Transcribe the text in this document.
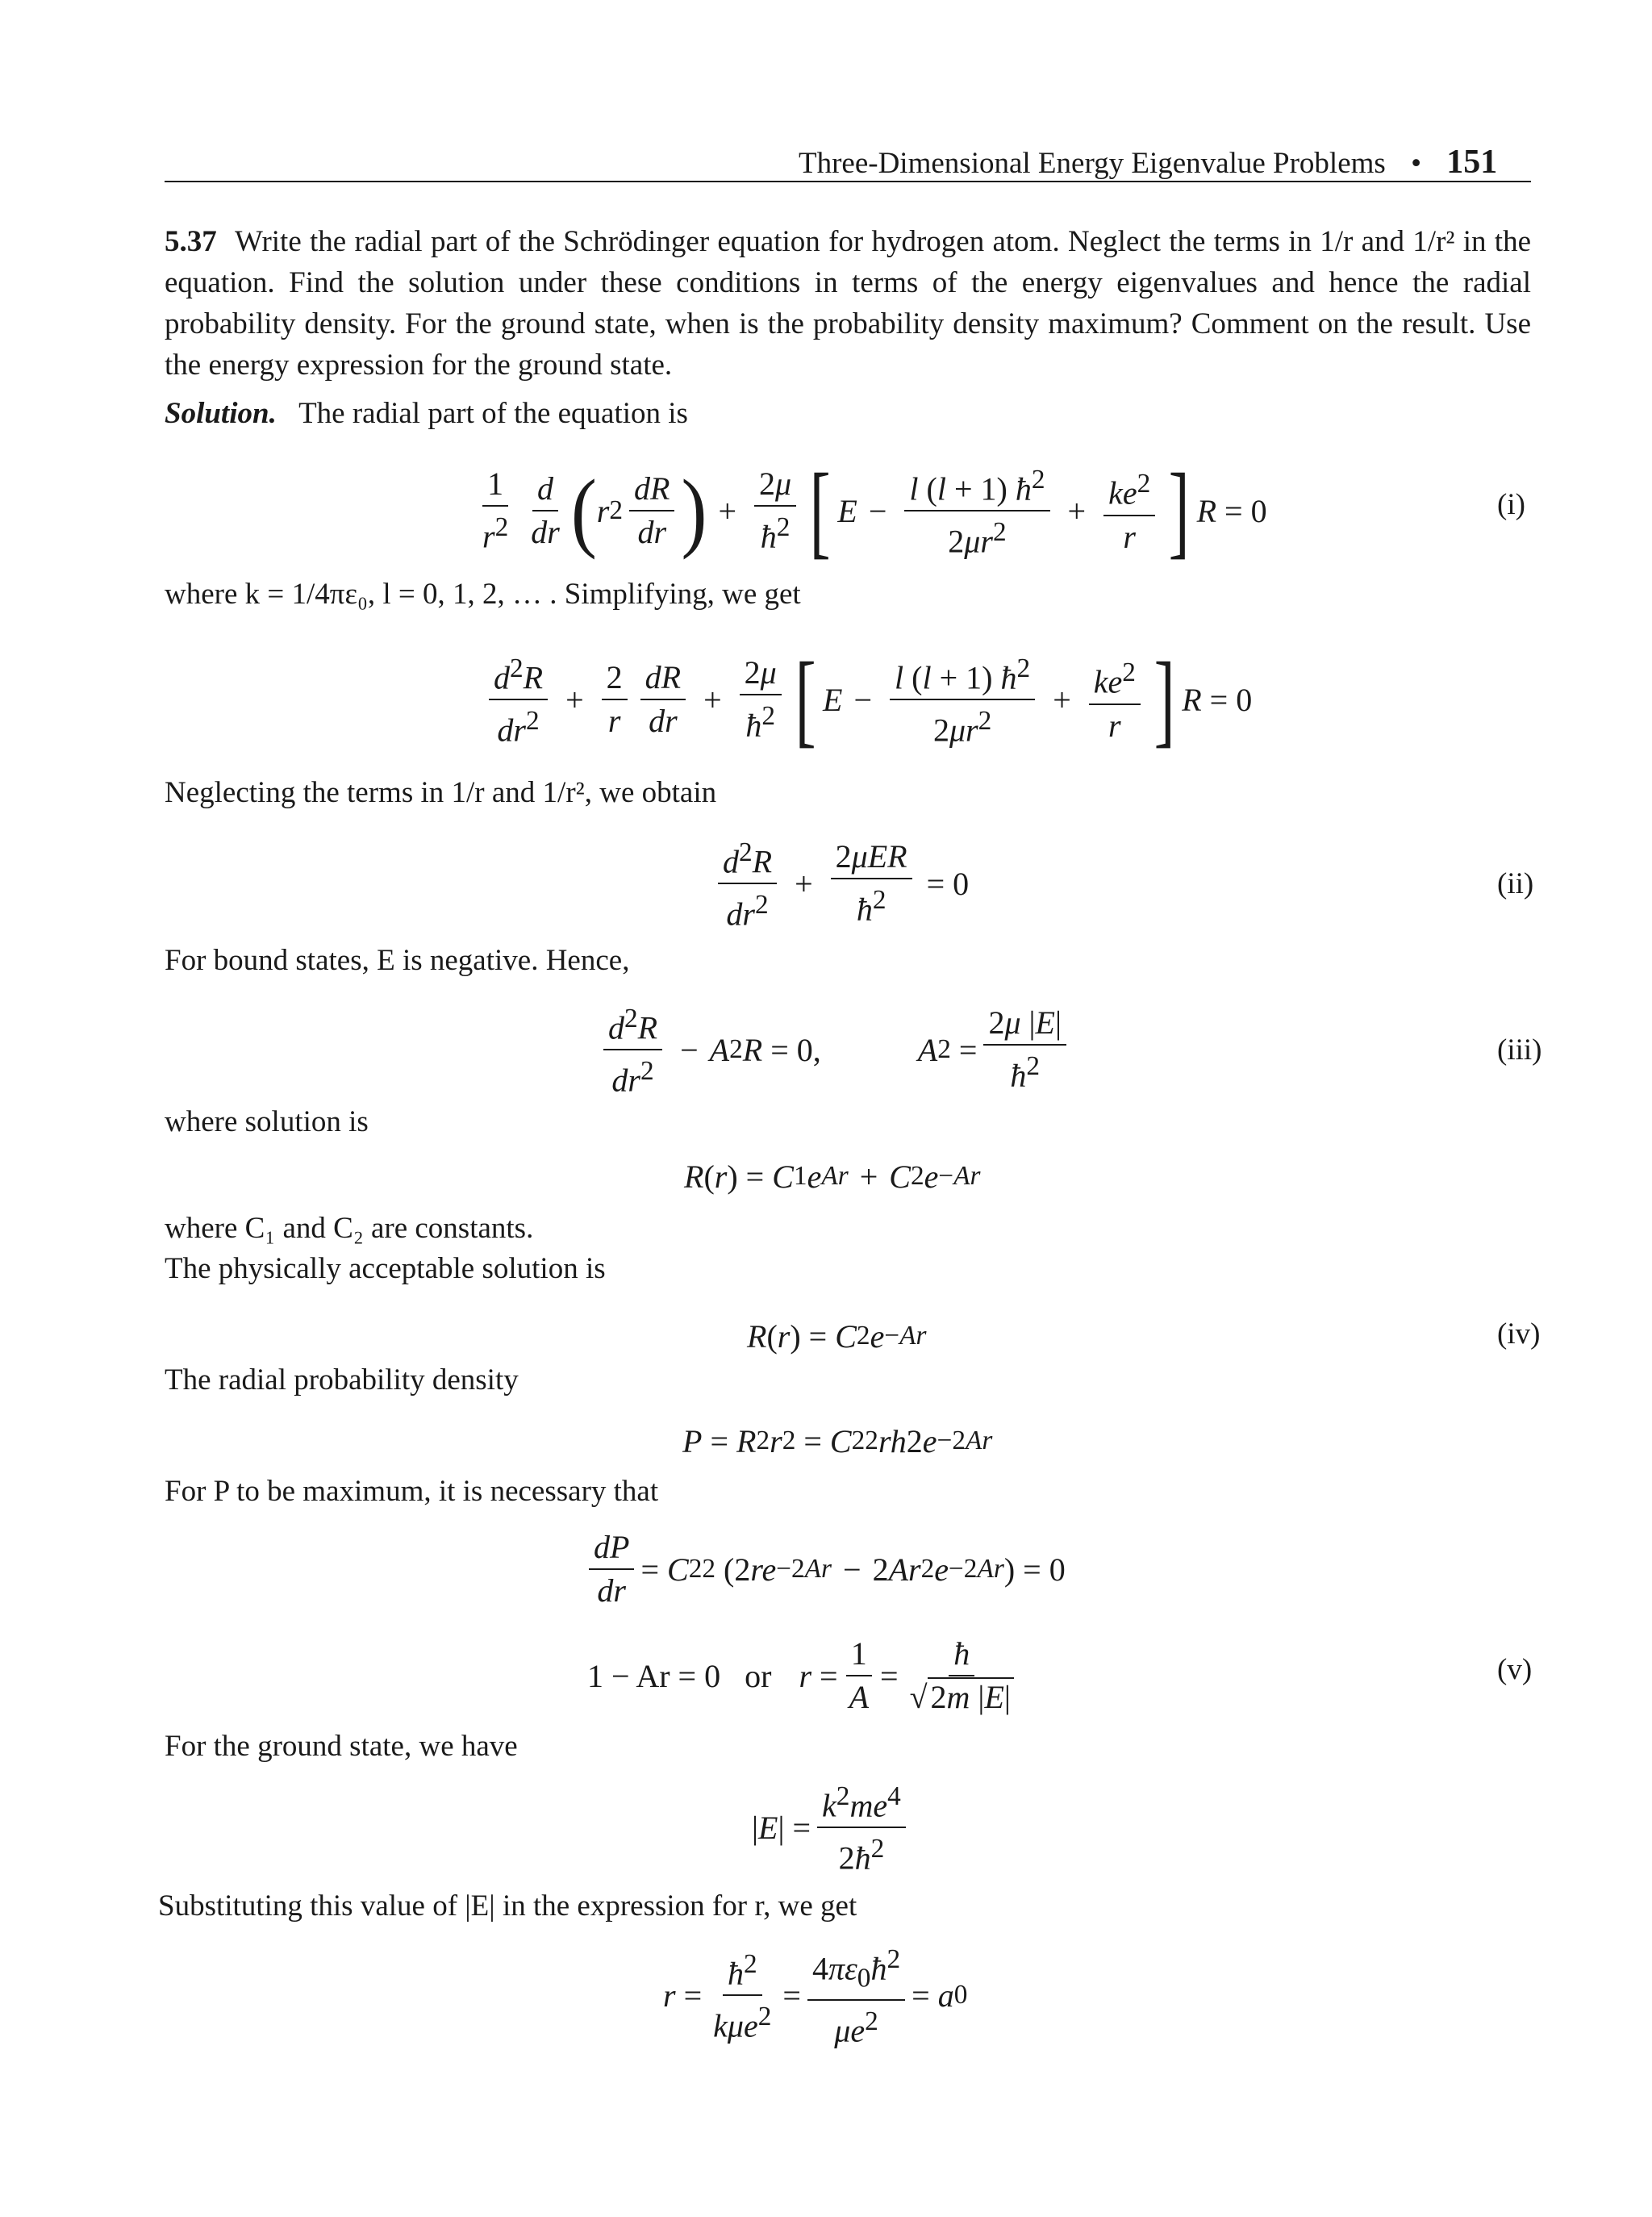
Three-Dimensional Energy Eigenvalue Problems • 151
5.37 Write the radial part of the Schrödinger equation for hydrogen atom. Neglect the terms in 1/r and 1/r² in the equation. Find the solution under these conditions in terms of the energy eigenvalues and hence the radial probability density. For the ground state, when is the probability density maximum? Comment on the result. Use the energy expression for the ground state.
Solution. The radial part of the equation is
$\frac{1}{r^2} \frac{d}{dr}$ ( r $2 \frac{dR}{dr}$ ) + $\frac{2\mu}{ħ^2}$ [ $E - \frac{l (l + 1) ħ^2}{2\mu r^2} + \frac{ke^2}{r}$ ] R = 0	(i)
where k = 1/4πε₀, l = 0, 1, 2, … . Simplifying, we get
$\frac{d^2R}{dr^2} + \frac{2}{r} \frac{dR}{dr} + \frac{2\mu}{ħ^2}$ [ $E - \frac{l (l + 1) ħ^2}{2\mu r^2} + \frac{ke^2}{r}$ ] R = 0
Neglecting the terms in 1/r and 1/r², we obtain
$\frac{d^2R}{dr^2} + \frac{\text{2μER}}{ħ^2} = 0$	(ii)
For bound states, E is negative. Hence,
$\frac{d^2R}{dr^2} - A$ 2 R = 0,	A $2 = \frac{2\mu |E|}{ħ^2}$	(iii)
where solution is
R ( r ) = C 1 e Ar + C 2 e −Ar
where C₁ and C₂ are constants.
The physically acceptable solution is
R ( r ) = C 2 e −Ar	(iv)
The radial probability density
P = R 2 r 2 = C 2 2 rh 2 e −2Ar
For P to be maximum, it is necessary that
$\frac{dP}{dr} = C$ 2 2 (2 re −2Ar − 2 Ar 2 e −2Ar ) = 0
1 − Ar = 0   or $r = \frac{1}{A} = \frac{ħ}{√ 2m |E|}$	(v)
For the ground state, we have
| E | = $\frac{k^2me^4}{2ħ^2}$
Substituting this value of |E| in the expression for r, we get
$r = \frac{ħ^2}{k\mu e^2} = \frac{4\pi\varepsilon_0ħ^2}{\mu e^2} = a$ 0
